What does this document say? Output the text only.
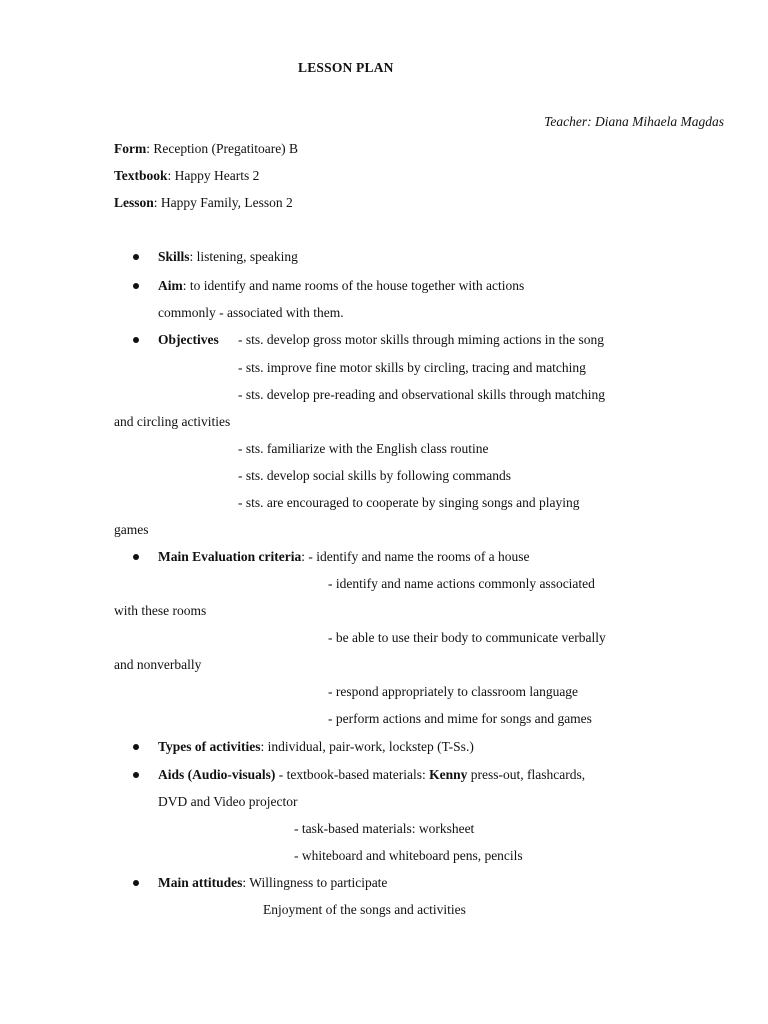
LESSON PLAN
Teacher: Diana Mihaela Magdas
Form: Reception (Pregatitoare) B
Textbook: Happy Hearts 2
Lesson: Happy Family, Lesson 2
Skills: listening, speaking
Aim: to identify and name rooms of the house together with actions
commonly - associated with them.
Objectives - sts. develop gross motor skills through miming actions in the song
- sts. improve fine motor skills by circling, tracing and matching
- sts. develop pre-reading and observational skills through matching
and circling activities
- sts. familiarize with the English class routine
- sts. develop social skills by following commands
- sts. are encouraged to cooperate by singing songs and playing
games
Main Evaluation criteria: - identify and name the rooms of a house
- identify and name actions commonly associated
with these rooms
- be able to use their body to communicate verbally
and nonverbally
- respond appropriately to classroom language
- perform actions and mime for songs and games
Types of activities: individual, pair-work, lockstep (T-Ss.)
Aids (Audio-visuals) - textbook-based materials: Kenny press-out, flashcards,
DVD and Video projector
- task-based materials: worksheet
- whiteboard and whiteboard pens, pencils
Main attitudes: Willingness to participate
Enjoyment of the songs and activities
